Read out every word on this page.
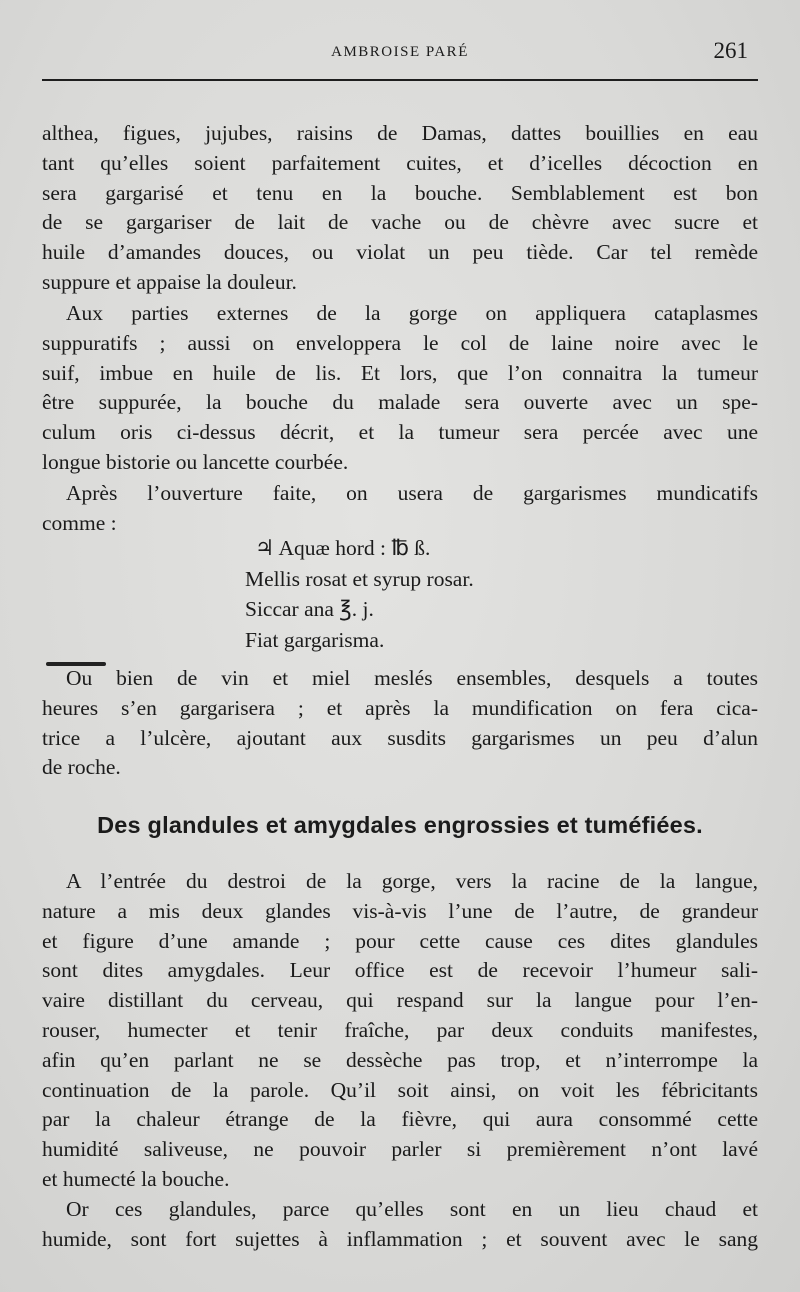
AMBROISE PARÉ	261
althea, figues, jujubes, raisins de Damas, dattes bouillies en eau
tant qu’elles soient parfaitement cuites, et d’icelles décoction en
sera gargarisé et tenu en la bouche. Semblablement est bon
de se gargariser de lait de vache ou de chèvre avec sucre et
huile d’amandes douces, ou violat un peu tiède. Car tel remède
suppure et appaise la douleur.
Aux parties externes de la gorge on appliquera cataplasmes
suppuratifs ; aussi on enveloppera le col de laine noire avec le
suif, imbue en huile de lis. Et lors, que l’on connaitra la tumeur
être suppurée, la bouche du malade sera ouverte avec un spe-
culum oris ci-dessus décrit, et la tumeur sera percée avec une
longue bistorie ou lancette courbée.
Après l’ouverture faite, on usera de gargarismes mundicatifs
comme :
♃ Aquæ hord : ℔ ß.
Mellis rosat et syrup rosar.
Siccar ana ℥. j.
Fiat gargarisma.
Ou bien de vin et miel meslés ensembles, desquels a toutes
heures s’en gargarisera ; et après la mundification on fera cica-
trice a l’ulcère, ajoutant aux susdits gargarismes un peu d’alun
de roche.
Des glandules et amygdales engrossies et tuméfiées.
A l’entrée du destroi de la gorge, vers la racine de la langue,
nature a mis deux glandes vis-à-vis l’une de l’autre, de grandeur
et figure d’une amande ; pour cette cause ces dites glandules
sont dites amygdales. Leur office est de recevoir l’humeur sali-
vaire distillant du cerveau, qui respand sur la langue pour l’en-
rouser, humecter et tenir fraîche, par deux conduits manifestes,
afin qu’en parlant ne se dessèche pas trop, et n’interrompe la
continuation de la parole. Qu’il soit ainsi, on voit les fébricitants
par la chaleur étrange de la fièvre, qui aura consommé cette
humidité saliveuse, ne pouvoir parler si premièrement n’ont lavé
et humecté la bouche.
Or ces glandules, parce qu’elles sont en un lieu chaud et
humide, sont fort sujettes à inflammation ; et souvent avec le sang
